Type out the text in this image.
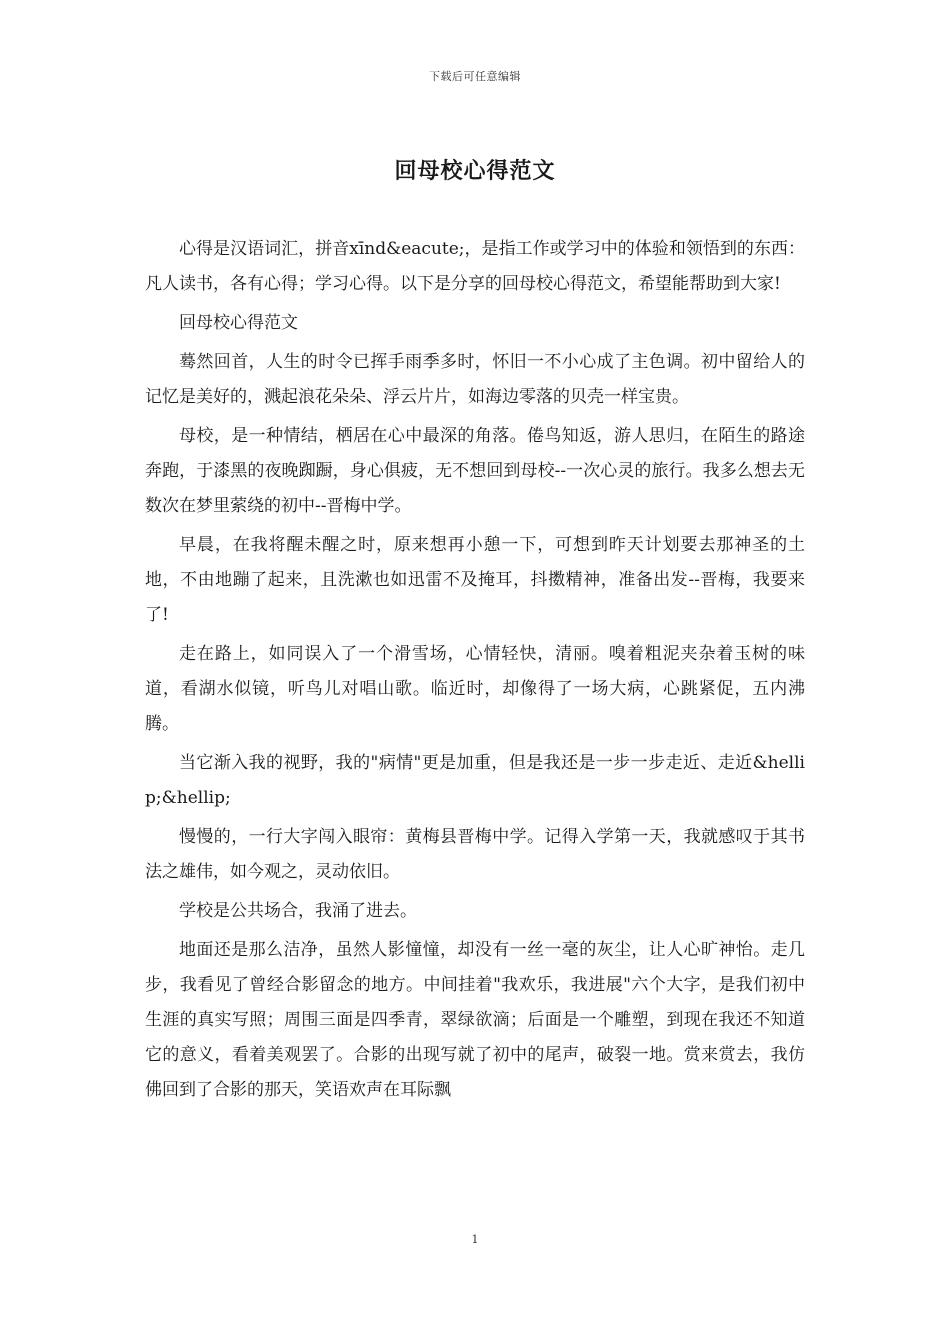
下载后可任意编辑
回母校心得范文

心得是汉语词汇，拼音xīnd&eacute;，是指工作或学习中的体验和领悟到的东西：凡人读书，各有心得；学习心得。以下是分享的回母校心得范文，希望能帮助到大家!

回母校心得范文

蓦然回首，人生的时令已挥手雨季多时，怀旧一不小心成了主色调。初中留给人的记忆是美好的，溅起浪花朵朵、浮云片片，如海边零落的贝壳一样宝贵。

母校，是一种情结，栖居在心中最深的角落。倦鸟知返，游人思归，在陌生的路途奔跑，于漆黑的夜晚踟蹰，身心俱疲，无不想回到母校--一次心灵的旅行。我多么想去无数次在梦里萦绕的初中--晋梅中学。

早晨，在我将醒未醒之时，原来想再小憩一下，可想到昨天计划要去那神圣的土地，不由地蹦了起来，且洗漱也如迅雷不及掩耳，抖擞精神，准备出发--晋梅，我要来了!

走在路上，如同误入了一个滑雪场，心情轻快，清丽。嗅着粗泥夹杂着玉树的味道，看湖水似镜，听鸟儿对唱山歌。临近时，却像得了一场大病，心跳紧促，五内沸腾。

当它渐入我的视野，我的"病情"更是加重，但是我还是一步一步走近、走近&hellip;&hellip;

慢慢的，一行大字闯入眼帘：黄梅县晋梅中学。记得入学第一天，我就感叹于其书法之雄伟，如今观之，灵动依旧。

学校是公共场合，我涌了进去。

地面还是那么洁净，虽然人影憧憧，却没有一丝一毫的灰尘，让人心旷神怡。走几步，我看见了曾经合影留念的地方。中间挂着"我欢乐，我进展"六个大字，是我们初中生涯的真实写照；周围三面是四季青，翠绿欲滴；后面是一个雕塑，到现在我还不知道它的意义，看着美观罢了。合影的出现写就了初中的尾声，破裂一地。赏来赏去，我仿佛回到了合影的那天，笑语欢声在耳际飘

1
